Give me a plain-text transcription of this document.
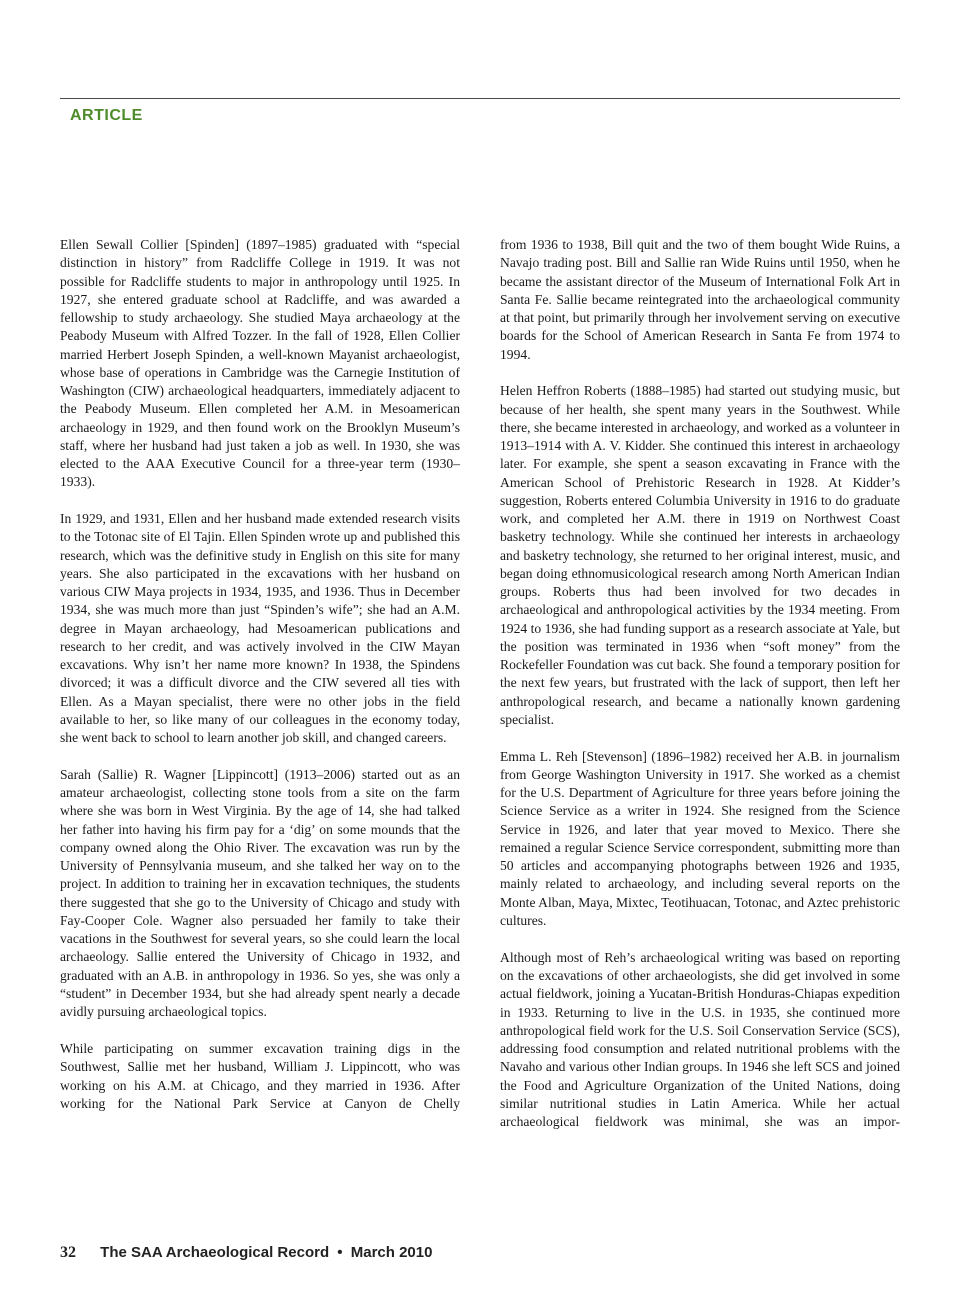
ARTICLE

Ellen Sewall Collier [Spinden] (1897–1985) graduated with “special distinction in history” from Radcliffe College in 1919. It was not possible for Radcliffe students to major in anthropology until 1925. In 1927, she entered graduate school at Radcliffe, and was awarded a fellowship to study archaeology. She studied Maya archaeology at the Peabody Museum with Alfred Tozzer. In the fall of 1928, Ellen Collier married Herbert Joseph Spinden, a well-known Mayanist archaeologist, whose base of operations in Cambridge was the Carnegie Institution of Washington (CIW) archaeological headquarters, immediately adjacent to the Peabody Museum. Ellen completed her A.M. in Mesoamerican archaeology in 1929, and then found work on the Brooklyn Museum’s staff, where her husband had just taken a job as well. In 1930, she was elected to the AAA Executive Council for a three-year term (1930–1933).

In 1929, and 1931, Ellen and her husband made extended research visits to the Totonac site of El Tajin. Ellen Spinden wrote up and published this research, which was the definitive study in English on this site for many years. She also participated in the excavations with her husband on various CIW Maya projects in 1934, 1935, and 1936. Thus in December 1934, she was much more than just “Spinden’s wife”; she had an A.M. degree in Mayan archaeology, had Mesoamerican publications and research to her credit, and was actively involved in the CIW Mayan excavations. Why isn’t her name more known? In 1938, the Spindens divorced; it was a difficult divorce and the CIW severed all ties with Ellen. As a Mayan specialist, there were no other jobs in the field available to her, so like many of our colleagues in the economy today, she went back to school to learn another job skill, and changed careers.

Sarah (Sallie) R. Wagner [Lippincott] (1913–2006) started out as an amateur archaeologist, collecting stone tools from a site on the farm where she was born in West Virginia. By the age of 14, she had talked her father into having his firm pay for a ‘dig’ on some mounds that the company owned along the Ohio River. The excavation was run by the University of Pennsylvania museum, and she talked her way on to the project. In addition to training her in excavation techniques, the students there suggested that she go to the University of Chicago and study with Fay-Cooper Cole. Wagner also persuaded her family to take their vacations in the Southwest for several years, so she could learn the local archaeology. Sallie entered the University of Chicago in 1932, and graduated with an A.B. in anthropology in 1936. So yes, she was only a “student” in December 1934, but she had already spent nearly a decade avidly pursuing archaeological topics.

While participating on summer excavation training digs in the Southwest, Sallie met her husband, William J. Lippincott, who was working on his A.M. at Chicago, and they married in 1936. After working for the National Park Service at Canyon de Chelly

from 1936 to 1938, Bill quit and the two of them bought Wide Ruins, a Navajo trading post. Bill and Sallie ran Wide Ruins until 1950, when he became the assistant director of the Museum of International Folk Art in Santa Fe. Sallie became reintegrated into the archaeological community at that point, but primarily through her involvement serving on executive boards for the School of American Research in Santa Fe from 1974 to 1994.

Helen Heffron Roberts (1888–1985) had started out studying music, but because of her health, she spent many years in the Southwest. While there, she became interested in archaeology, and worked as a volunteer in 1913–1914 with A. V. Kidder. She continued this interest in archaeology later. For example, she spent a season excavating in France with the American School of Prehistoric Research in 1928. At Kidder’s suggestion, Roberts entered Columbia University in 1916 to do graduate work, and completed her A.M. there in 1919 on Northwest Coast basketry technology. While she continued her interests in archaeology and basketry technology, she returned to her original interest, music, and began doing ethnomusicological research among North American Indian groups. Roberts thus had been involved for two decades in archaeological and anthropological activities by the 1934 meeting. From 1924 to 1936, she had funding support as a research associate at Yale, but the position was terminated in 1936 when “soft money” from the Rockefeller Foundation was cut back. She found a temporary position for the next few years, but frustrated with the lack of support, then left her anthropological research, and became a nationally known gardening specialist.

Emma L. Reh [Stevenson] (1896–1982) received her A.B. in journalism from George Washington University in 1917. She worked as a chemist for the U.S. Department of Agriculture for three years before joining the Science Service as a writer in 1924. She resigned from the Science Service in 1926, and later that year moved to Mexico. There she remained a regular Science Service correspondent, submitting more than 50 articles and accompanying photographs between 1926 and 1935, mainly related to archaeology, and including several reports on the Monte Alban, Maya, Mixtec, Teotihuacan, Totonac, and Aztec prehistoric cultures.

Although most of Reh’s archaeological writing was based on reporting on the excavations of other archaeologists, she did get involved in some actual fieldwork, joining a Yucatan-British Honduras-Chiapas expedition in 1933. Returning to live in the U.S. in 1935, she continued more anthropological field work for the U.S. Soil Conservation Service (SCS), addressing food consumption and related nutritional problems with the Navaho and various other Indian groups. In 1946 she left SCS and joined the Food and Agriculture Organization of the United Nations, doing similar nutritional studies in Latin America. While her actual archaeological fieldwork was minimal, she was an impor-

32 The SAA Archaeological Record • March 2010
